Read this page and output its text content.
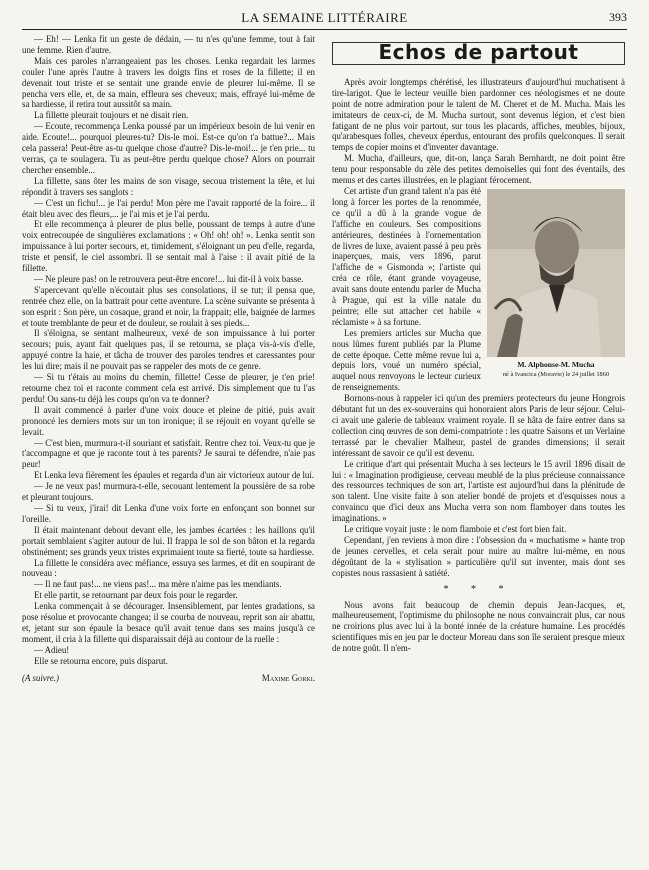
LA SEMAINE LITTÉRAIRE	393

— Eh! — Lenka fit un geste de dédain, — tu n'es qu'une femme, tout à fait une femme. Rien d'autre.

Mais ces paroles n'arrangeaient pas les choses. Lenka regardait les larmes couler l'une après l'autre à travers les doigts fins et roses de la fillette; il en devenait tout triste et se sentait une grande envie de pleurer lui-même. Il se pencha vers elle, et, de sa main, effleura ses cheveux; mais, effrayé lui-même de sa hardiesse, il retira tout aussitôt sa main.

La fillette pleurait toujours et ne disait rien.

— Ecoute, recommença Lenka poussé par un impérieux besoin de lui venir en aide. Ecoute!... pourquoi pleures-tu? Dis-le moi. Est-ce qu'on t'a battue?... Mais cela passera! Peut-être as-tu quelque chose d'autre? Dis-le-moi!... je t'en prie... tu verras, ça te soulagera. Tu as peut-être perdu quelque chose? Alors on pourrait chercher ensemble...

La fillette, sans ôter les mains de son visage, secoua tristement la tête, et lui répondit à travers ses sanglots :

— C'est un fichu!... je l'ai perdu! Mon père me l'avait rapporté de la foire... il était bleu avec des fleurs,... je l'ai mis et je l'ai perdu.

Et elle recommença à pleurer de plus belle, poussant de temps à autre d'une voix entrecoupée de singulières exclamations : « Oh! oh! oh! ». Lenka sentit son impuissance à lui porter secours, et, timidement, s'éloignant un peu d'elle, regarda, triste et pensif, le ciel assombri. Il se sentait mal à l'aise : il avait pitié de la fillette.

— Ne pleure pas! on le retrouvera peut-être encore!... lui dit-il à voix basse.

S'apercevant qu'elle n'écoutait plus ses consolations, il se tut; il pensa que, rentrée chez elle, on la battrait pour cette aventure. La scène suivante se présenta à son esprit : Son père, un cosaque, grand et noir, la frappait; elle, baignée de larmes et toute tremblante de peur et de douleur, se roulait à ses pieds...

Il s'éloigna, se sentant malheureux, vexé de son impuissance à lui porter secours; puis, ayant fait quelques pas, il se retourna, se plaça vis-à-vis d'elle, appuyé contre la haie, et tâcha de trouver des paroles tendres et caressantes pour les lui dire; mais il ne pouvait pas se rappeler des mots de ce genre.

— Si tu t'étais au moins du chemin, fillette! Cesse de pleurer, je t'en prie! retourne chez toi et raconte comment cela est arrivé. Dis simplement que tu l'as perdu! Ou sans-tu déjà les coups qu'on va te donner?

Il avait commencé à parler d'une voix douce et pleine de pitié, puis avait prononcé les derniers mots sur un ton ironique; il se réjouit en voyant qu'elle se levait.

— C'est bien, murmura-t-il souriant et satisfait. Rentre chez toi. Veux-tu que je t'accompagne et que je raconte tout à tes parents? Je saurai te défendre, n'aie pas peur!

Et Lenka leva fièrement les épaules et regarda d'un air victorieux autour de lui.

— Je ne veux pas! murmura-t-elle, secouant lentement la poussière de sa robe et pleurant toujours.

— Si tu veux, j'irai! dit Lenka d'une voix forte en enfonçant son bonnet sur l'oreille.

Il était maintenant debout devant elle, les jambes écartées : les haillons qu'il portait semblaient s'agiter autour de lui. Il frappa le sol de son bâton et la regarda obstinément; ses grands yeux tristes exprimaient toute sa fierté, toute sa hardiesse.

La fillette le considéra avec méfiance, essuya ses larmes, et dit en soupirant de nouveau :

— Il ne faut pas!... ne viens pas!... ma mère n'aime pas les mendiants.

Et elle partit, se retournant par deux fois pour le regarder.

Lenka commençait à se décourager. Insensiblement, par lentes gradations, sa pose résolue et provocante changea; il se courba de nouveau, reprit son air abattu, et, jetant sur son épaule la besace qu'il avait tenue dans ses mains jusqu'à ce moment, il cria à la fillette qui disparaissait déjà au contour de la ruelle :

— Adieu!

Elle se retourna encore, puis disparut.

(A suivre.)	Maxime Gorki.
Echos de partout

Après avoir longtemps chérétisé, les illustrateurs d'aujourd'hui muchatisent à tire-larigot. Que le lecteur veuille bien pardonner ces néologismes et ne doute point de notre admiration pour le talent de M. Cheret et de M. Mucha. Mais les imitateurs de ceux-ci, de M. Mucha surtout, sont devenus légion, et c'est bien fatigant de ne plus voir partout, sur tous les placards, affiches, meubles, bijoux, qu'arabesques folles, cheveux éperdus, entourant des profils quelconques. Il serait temps de copier moins et d'inventer davantage.

M. Mucha, d'ailleurs, que, dit-on, lança Sarah Bernhardt, ne doit point être tenu pour responsable du zèle des petites demoiselles qui font des éventails, des menus et des cartes illustrées, en le plagiant férocement.

M. Alphonse-M. Mucha
né à Ivancica (Moravie) le 24 juillet 1860

Cet artiste d'un grand talent n'a pas été long à forcer les portes de la renommée, ce qu'il a dû à la grande vogue de l'affiche en couleurs. Ses compositions antérieures, destinées à l'ornementation de livres de luxe, avaient passé à peu près inaperçues, mais, vers 1896, parut l'affiche de « Gismonda »; l'artiste qui créa ce rôle, étant grande voyageuse, avait sans doute entendu parler de Mucha à Prague, qui est la ville natale du peintre; elle sut attacher cet habile « réclamiste » à sa fortune.

Les premiers articles sur Mucha que nous lûmes furent publiés par la Plume de cette époque. Cette même revue lui a, depuis lors, voué un numéro spécial, auquel nous renvoyons le lecteur curieux de renseignements.

Bornons-nous à rappeler ici qu'un des premiers protecteurs du jeune Hongrois débutant fut un des ex-souverains qui honoraient alors Paris de leur séjour. Celui-ci avait une galerie de tableaux vraiment royale. Il se hâta de faire entrer dans sa collection cinq œuvres de son demi-compatriote : les quatre Saisons et un Verlaine terrassé par le chevalier Malheur, pastel de grandes dimensions; il serait intéressant de savoir ce qu'il est devenu.

Le critique d'art qui présentait Mucha à ses lecteurs le 15 avril 1896 disait de lui : « Imagination prodigieuse, cerveau meublé de la plus précieuse connaissance des ressources techniques de son art, l'artiste est aujourd'hui dans la plénitude de son talent. Une visite faite à son atelier bondé de projets et d'esquisses nous a convaincu que d'ici deux ans Mucha verra son nom flamboyer dans toutes les imaginations. »

Le critique voyait juste : le nom flamboie et c'est fort bien fait.

Cependant, j'en reviens à mon dire : l'obsession du « muchatisme » hante trop de jeunes cervelles, et cela serait pour nuire au maître lui-même, en nous dégoûtant de la « stylisation » particulière qu'il sut inventer, mais dont ses copistes nous rassasient à satiété.

* * *

Nous avons fait beaucoup de chemin depuis Jean-Jacques, et, malheureusement, l'optimisme du philosophe ne nous convaincrait plus, car nous ne croirions plus avec lui à la bonté innée de la créature humaine. Les procédés scientifiques mis en jeu par le docteur Moreau dans son île seraient presque mieux de notre goût. Il n'em-
